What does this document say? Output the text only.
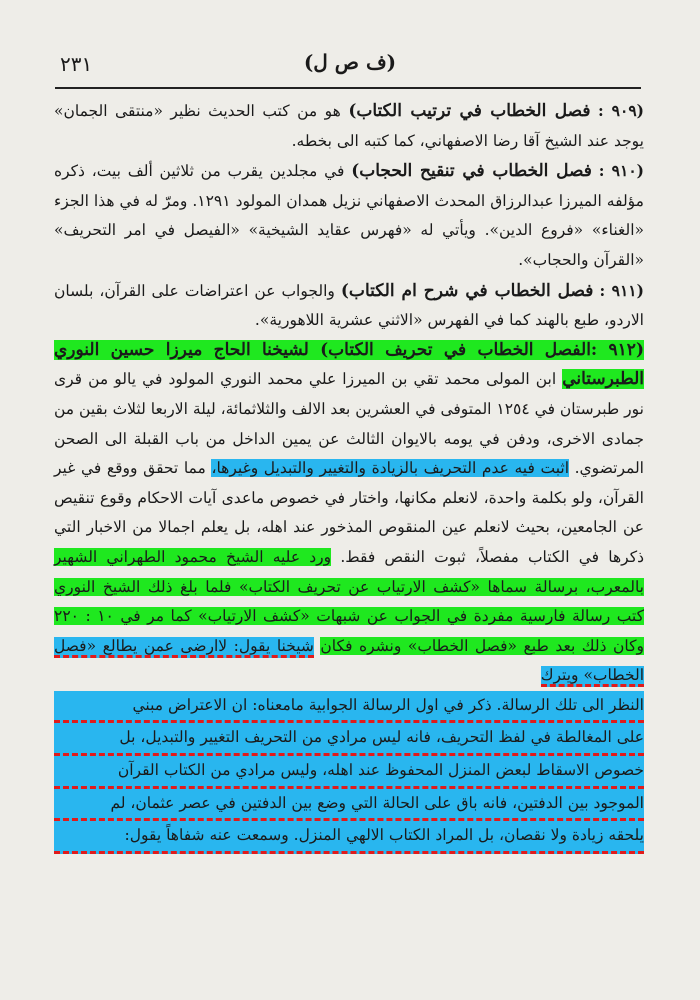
٢٣١	(ف ص ل)

(٩٠٩ : فصل الخطاب في ترتيب الكتاب) هو من كتب الحديث نظير «منتقى الجمان» يوجد عند الشيخ آقا رضا الاصفهاني، كما كتبه الى بخطه.

(٩١٠ : فصل الخطاب في تنقيح الحجاب) في مجلدين يقرب من ثلاثين ألف بيت، ذكره مؤلفه الميرزا عبدالرزاق المحدث الاصفهاني نزيل همدان المولود ١٢٩١. ومرّ له في هذا الجزء «الغناء» «فروع الدين». ويأتي له «فهرس عقايد الشيخية» «الفيصل في امر التحريف» «القرآن والحجاب».

(٩١١ : فصل الخطاب في شرح ام الكتاب) والجواب عن اعتراضات على القرآن، بلسان الاردو، طبع بالهند كما في الفهرس «الاثني عشرية اللاهورية».

(٩١٢ :الفصل الخطاب في تحريف الكتاب) لشيخنا الحاج ميرزا حسين النوري الطبرستاني ابن المولى محمد تقي بن الميرزا علي محمد النوري المولود في يالو من قرى نور طبرستان في ١٢٥٤ المتوفى في العشرين بعد الالف والثلاثمائة، ليلة الاربعا لثلاث بقين من جمادى الاخرى، ودفن في يومه بالايوان الثالث عن يمين الداخل من باب القبلة الى الصحن المرتضوي. اثبت فيه عدم التحريف بالزيادة والتغيير والتبديل وغيرها، مما تحقق ووقع في غير القرآن، ولو بكلمة واحدة، لانعلم مكانها، واختار في خصوص ماعدى آيات الاحكام وقوع تنقيص عن الجامعين، بحيث لانعلم عين المنقوص المذخور عند اهله، بل يعلم اجمالا من الاخبار التي ذكرها في الكتاب مفصلاً، ثبوت النقص فقط. ورد عليه الشيخ محمود الطهراني الشهير بالمعرب، برسالة سماها «كشف الارتياب عن تحريف الكتاب» فلما بلغ ذلك الشيخ النوري كتب رسالة فارسية مفردة في الجواب عن شبهات «كشف الارتياب» كما مر في ١٠ : ٢٢٠ وكان ذلك بعد طبع «فصل الخطاب» ونشره فكان شيخنا يقول: لاارضى عمن يطالع «فصل الخطاب» ويترك

النظر الى تلك الرسالة. ذكر في اول الرسالة الجوابية مامعناه: ان الاعتراض مبني
على المغالطة في لفظ التحريف، فانه ليس مرادي من التحريف التغيير والتبديل، بل
خصوص الاسقاط لبعض المنزل المحفوظ عند اهله، وليس مرادي من الكتاب القرآن
الموجود بين الدفتين، فانه باق على الحالة التي وضع بين الدفتين في عصر عثمان، لم
يلحقه زيادة ولا نقصان، بل المراد الكتاب الالهي المنزل. وسمعت عنه شفاهاً يقول:
